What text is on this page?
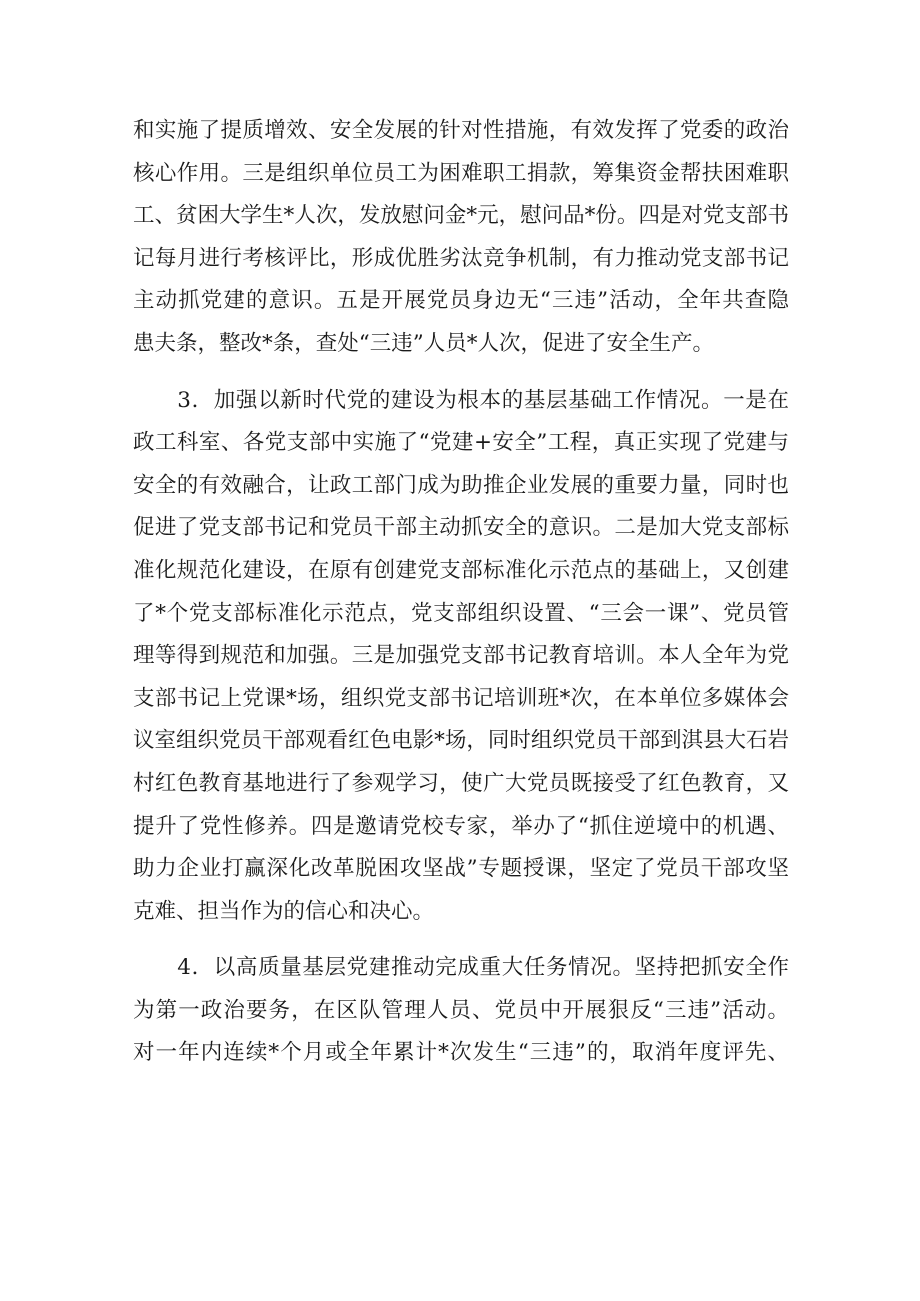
和实施了提质增效、安全发展的针对性措施，有效发挥了党委的政治
核心作用。三是组织单位员工为困难职工捐款，筹集资金帮扶困难职
工、贫困大学生*人次，发放慰问金*元，慰问品*份。四是对党支部书
记每月进行考核评比，形成优胜劣汰竞争机制，有力推动党支部书记
主动抓党建的意识。五是开展党员身边无“三违”活动，全年共查隐
患夫条，整改*条，查处“三违”人员*人次，促进了安全生产。
　　3．加强以新时代党的建设为根本的基层基础工作情况。一是在
政工科室、各党支部中实施了“党建+安全”工程，真正实现了党建与
安全的有效融合，让政工部门成为助推企业发展的重要力量，同时也
促进了党支部书记和党员干部主动抓安全的意识。二是加大党支部标
准化规范化建设，在原有创建党支部标准化示范点的基础上，又创建
了*个党支部标准化示范点，党支部组织设置、“三会一课”、党员管
理等得到规范和加强。三是加强党支部书记教育培训。本人全年为党
支部书记上党课*场，组织党支部书记培训班*次，在本单位多媒体会
议室组织党员干部观看红色电影*场，同时组织党员干部到淇县大石岩
村红色教育基地进行了参观学习，使广大党员既接受了红色教育，又
提升了党性修养。四是邀请党校专家，举办了“抓住逆境中的机遇、
助力企业打赢深化改革脱困攻坚战”专题授课，坚定了党员干部攻坚
克难、担当作为的信心和决心。
　　4．以高质量基层党建推动完成重大任务情况。坚持把抓安全作
为第一政治要务，在区队管理人员、党员中开展狠反“三违”活动。
对一年内连续*个月或全年累计*次发生“三违”的，取消年度评先、
